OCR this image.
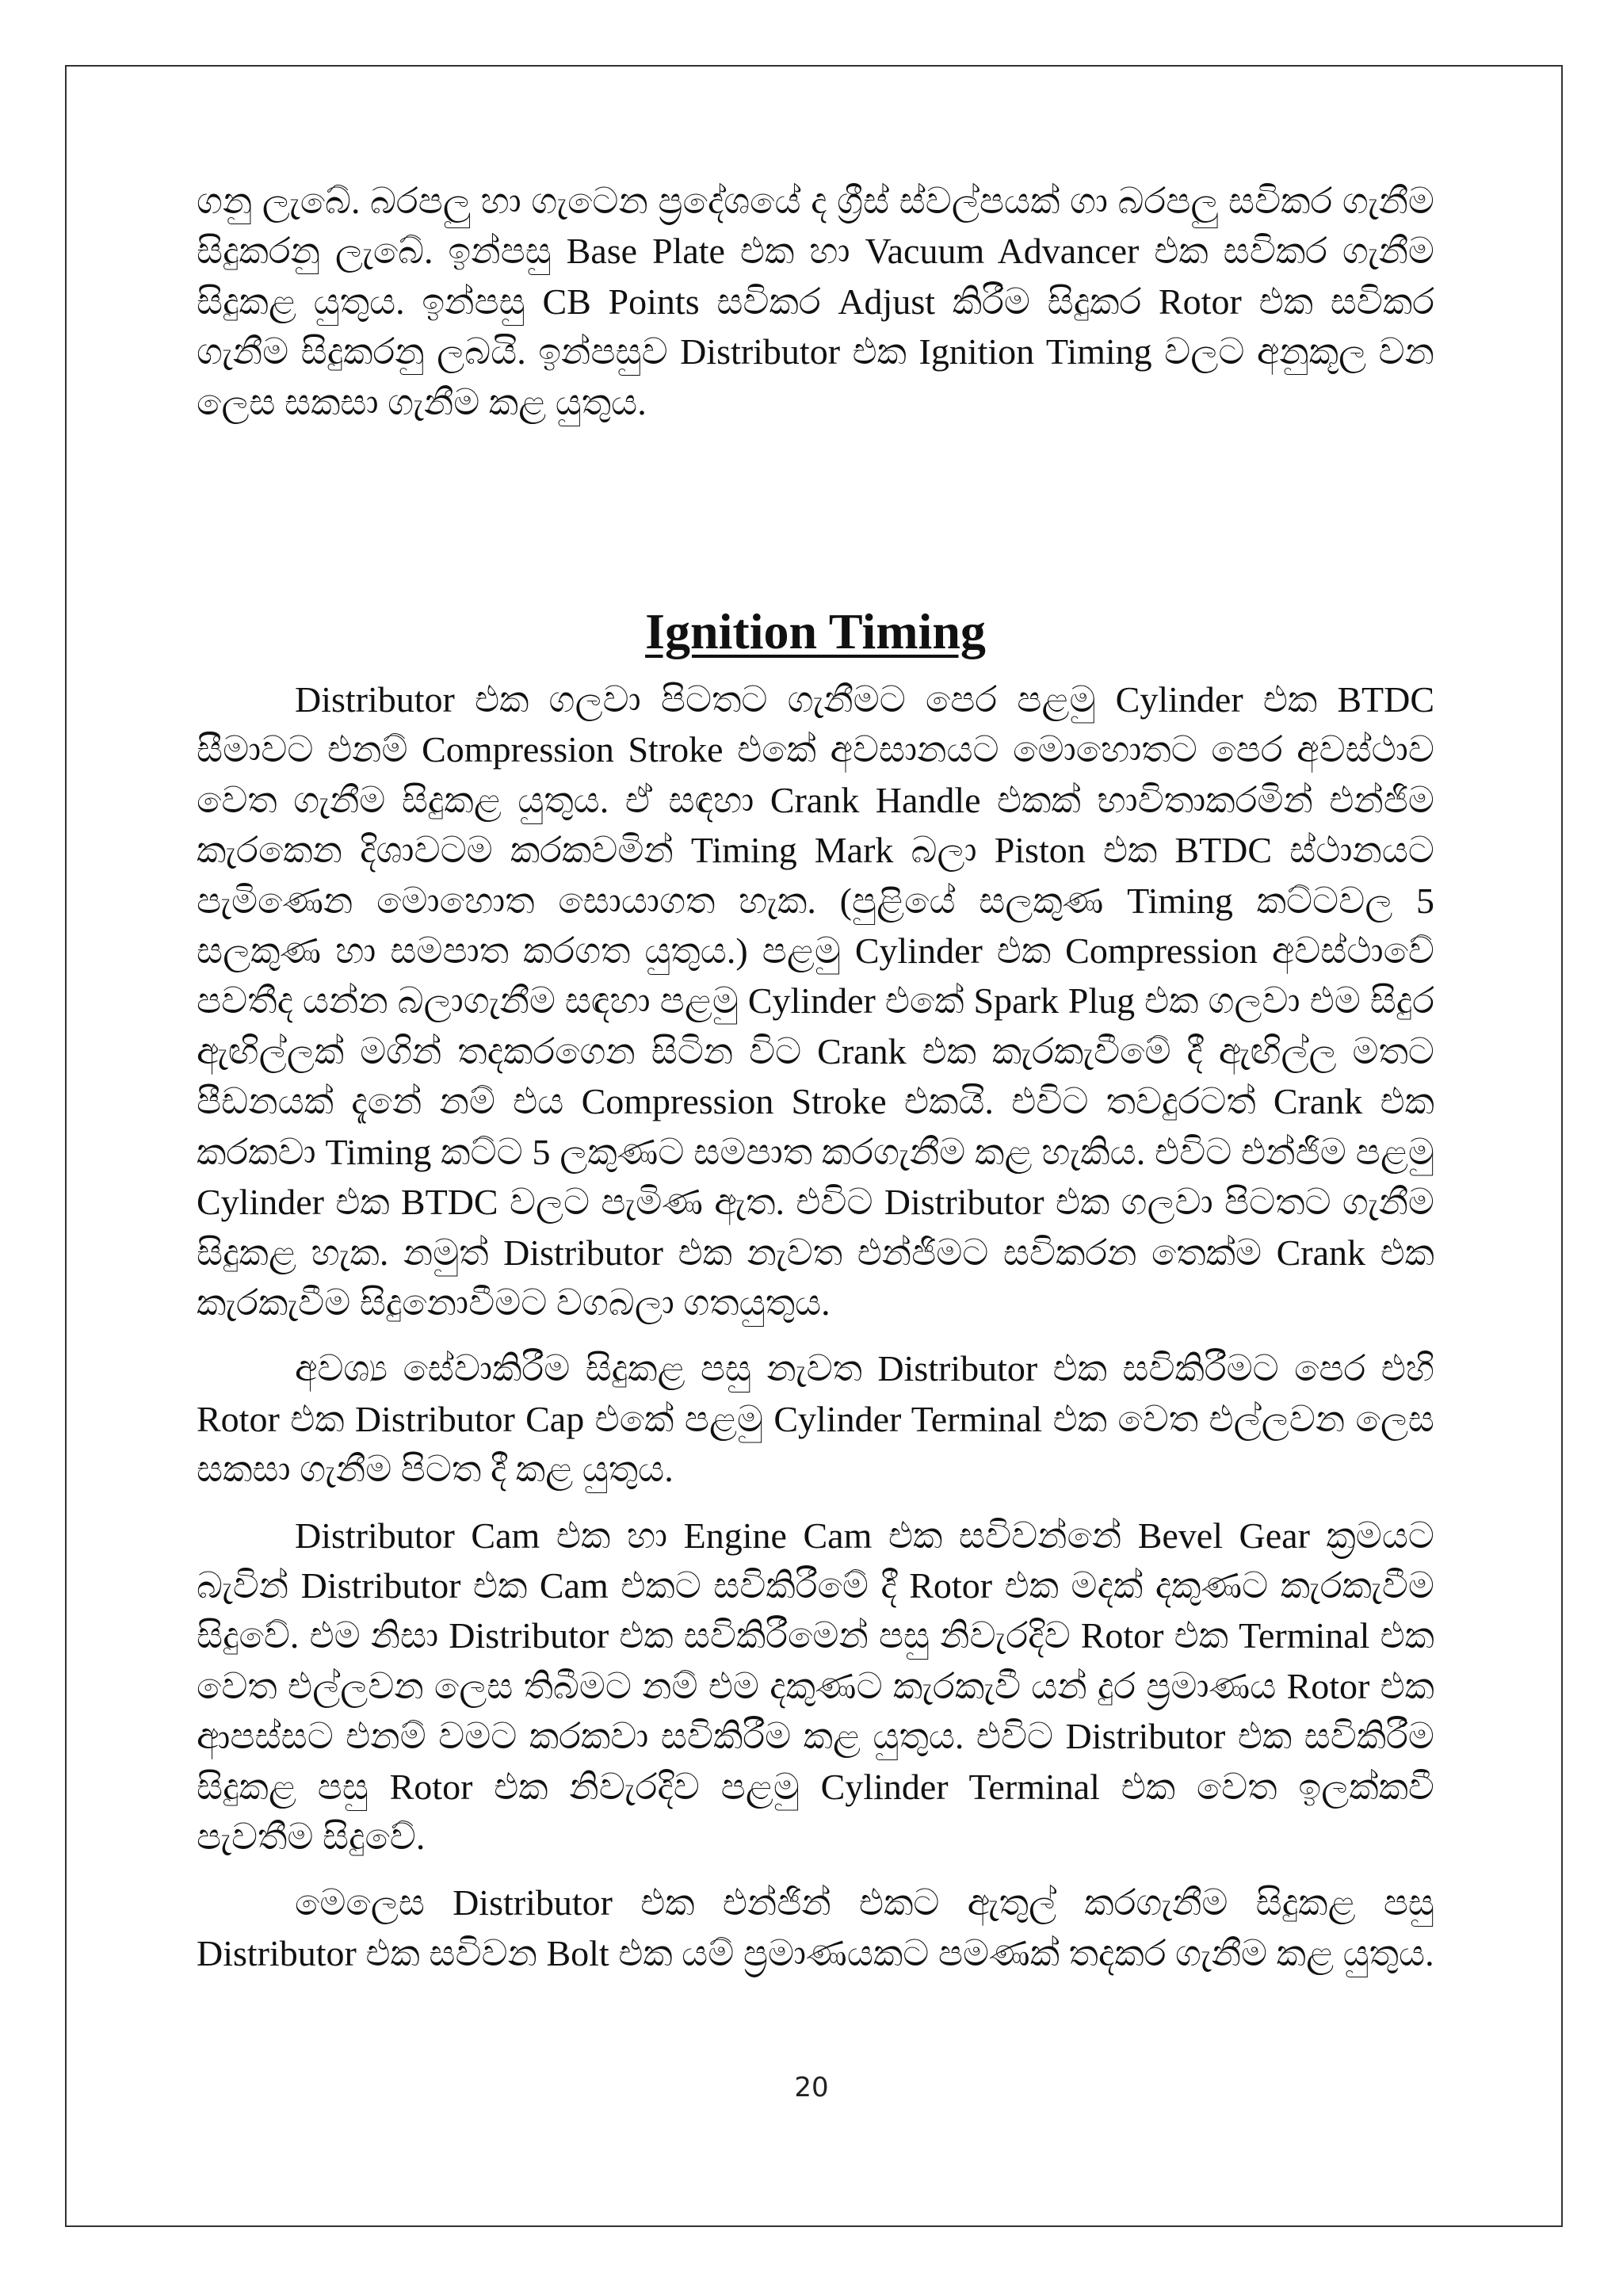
ගනු ලැබේ. බරපලු හා ගැටෙන ප්‍රදේශයේ ද ග්‍රීස් ස්වල්පයක් ගා බරපලු සවිකර ගැනීම සිදුකරනු ලැබේ. ඉන්පසු Base Plate එක හා Vacuum Advancer එක සවිකර ගැනීම සිදුකළ යුතුය. ඉන්පසු CB Points සවිකර Adjust කිරීම සිදුකර Rotor එක සවිකර ගැනීම සිදුකරනු ලබයි. ඉන්පසුව Distributor එක Ignition Timing වලට අනුකූල වන ලෙස සකසා ගැනීම කළ යුතුය.

Ignition Timing

Distributor එක ගලවා පිටතට ගැනීමට පෙර පළමු Cylinder එක BTDC සීමාවට එනම් Compression Stroke එකේ අවසානයට මොහොතට පෙර අවස්ථාව වෙත ගැනීම සිදුකළ යුතුය. ඒ සඳහා Crank Handle එකක් භාවිතාකරමින් එන්ජිම කැරකෙන දිශාවටම කරකවමින් Timing Mark බලා Piston එක BTDC ස්ථානයට පැමිණෙන මොහොත සොයාගත හැක. (පුළියේ සලකුණ Timing කට්ටවල 5 සලකුණ හා සමපාත කරගත යුතුය.) පළමු Cylinder එක Compression අවස්ථාවේ පවතීද යන්න බලාගැනීම සඳහා පළමු Cylinder එකේ Spark Plug එක ගලවා එම සිදුර ඇඟිල්ලක් මගින් තදකරගෙන සිටින විට Crank එක කැරකැවීමේ දී ඇඟිල්ල මතට පීඩනයක් දැනේ නම් එය Compression Stroke එකයි. එවිට තවදුරටත් Crank එක කරකවා Timing කට්ට 5 ලකුණට සමපාත කරගැනීම කළ හැකිය. එවිට එන්ජිම පළමු Cylinder එක BTDC වලට පැමිණ ඇත. එවිට Distributor එක ගලවා පිටතට ගැනීම සිදුකළ හැක. නමුත් Distributor එක නැවත එන්ජිමට සවිකරන තෙක්ම Crank එක කැරකැවීම සිදුනොවීමට වගබලා ගතයුතුය.

අවශ්‍ය සේවාකිරීම සිදුකළ පසු නැවත Distributor එක සවිකිරීමට පෙර එහි Rotor එක Distributor Cap එකේ පළමු Cylinder Terminal එක වෙත එල්ලවන ලෙස සකසා ගැනීම පිටත දී කළ යුතුය.

Distributor Cam එක හා Engine Cam එක සවිවන්නේ Bevel Gear ක්‍රමයට බැවින් Distributor එක Cam එකට සවිකිරීමේ දී Rotor එක මදක් දකුණට කැරකැවීම සිදුවේ. එම නිසා Distributor එක සවිකිරීමෙන් පසු නිවැරදිව Rotor එක Terminal එක වෙත එල්ලවන ලෙස තිබීමට නම් එම දකුණට කැරකැවී යන් දුර ප්‍රමාණය Rotor එක ආපස්සට එනම් වමට කරකවා සවිකිරීම කළ යුතුය. එවිට Distributor එක සවිකිරීම සිදුකළ පසු Rotor එක නිවැරදිව පළමු Cylinder Terminal එක වෙත ඉලක්කවී පැවතීම සිදුවේ.

මෙලෙස Distributor එක එන්ජින් එකට ඇතුල් කරගැනීම සිදුකළ පසු Distributor එක සවිවන Bolt එක යම් ප්‍රමාණයකට පමණක් තදකර ගැනීම කළ යුතුය.

20
